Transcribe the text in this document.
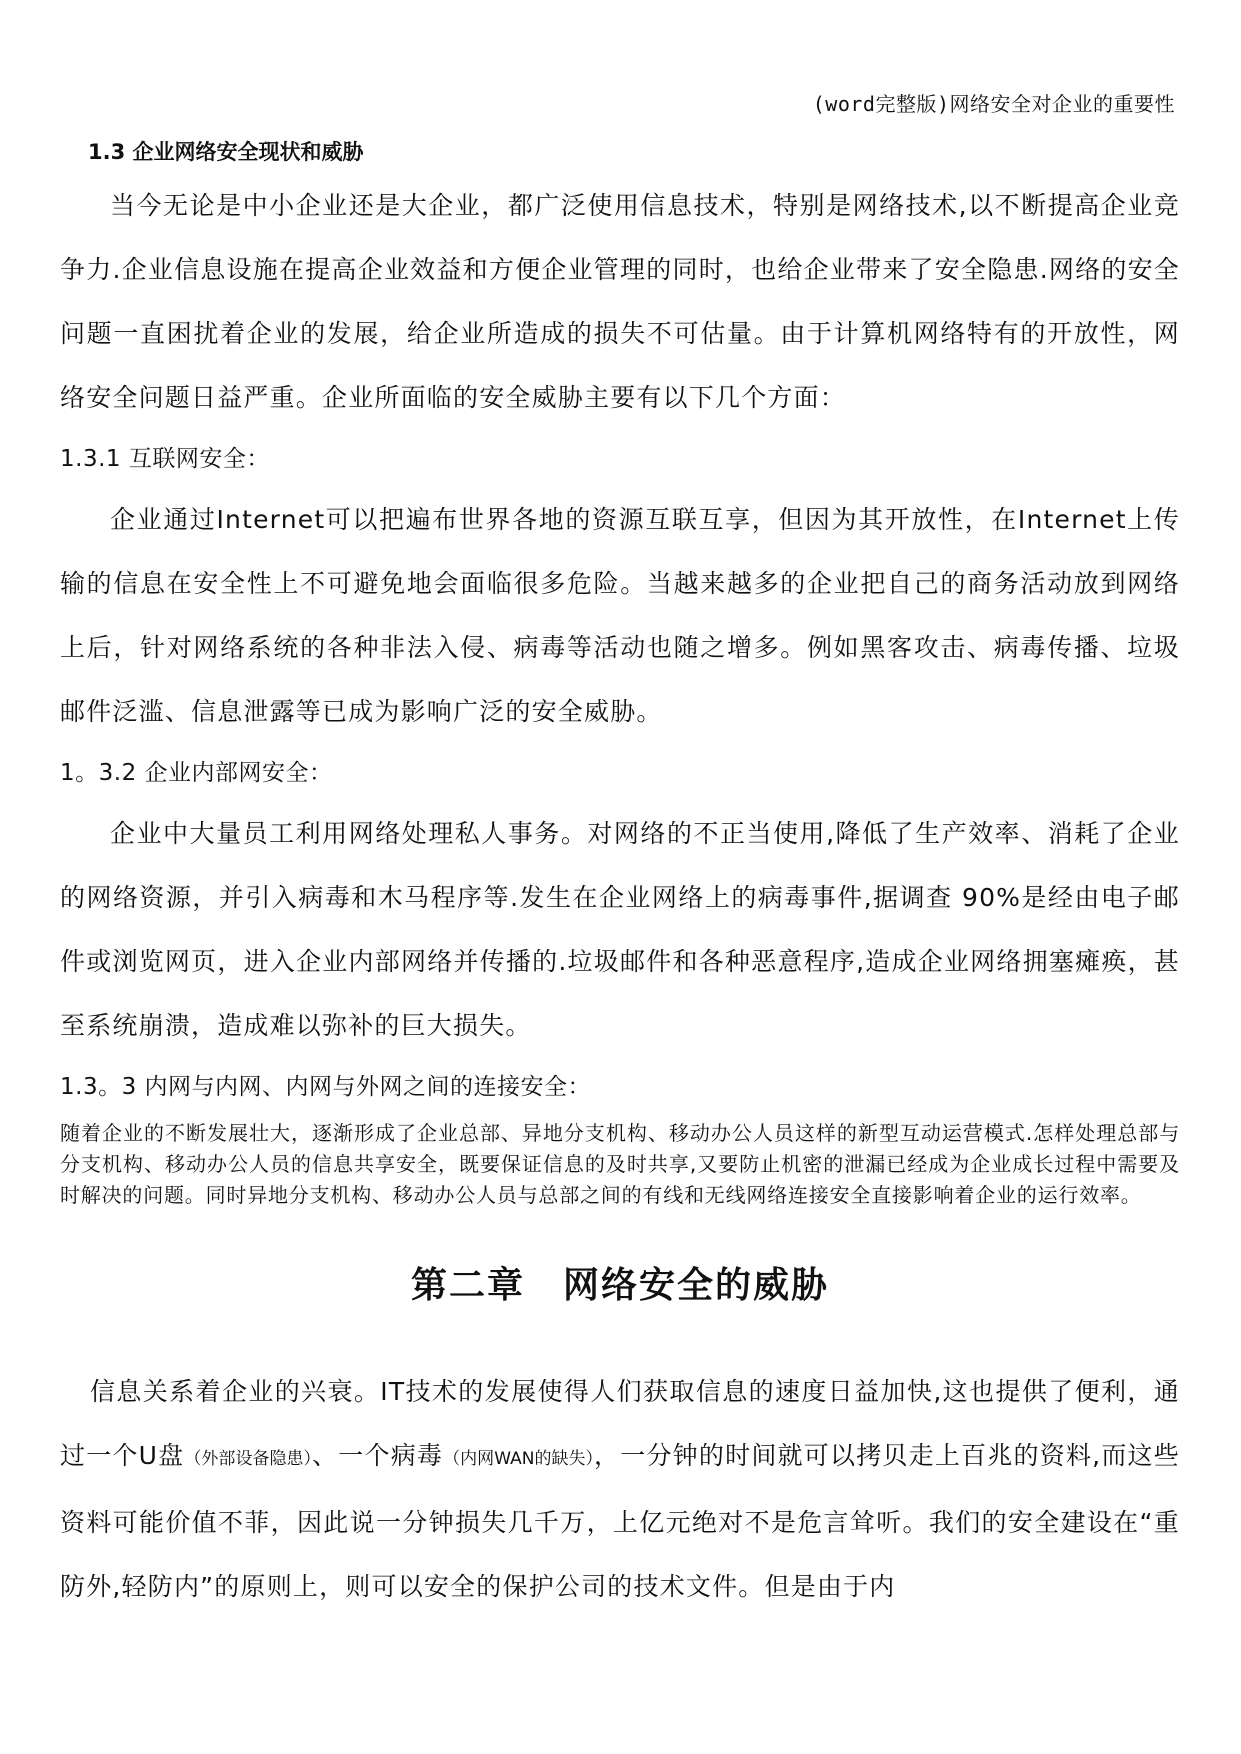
(word完整版)网络安全对企业的重要性
1.3 企业网络安全现状和威胁

当今无论是中小企业还是大企业，都广泛使用信息技术，特别是网络技术,以不断提高企业竞争力.企业信息设施在提高企业效益和方便企业管理的同时，也给企业带来了安全隐患.网络的安全问题一直困扰着企业的发展，给企业所造成的损失不可估量。由于计算机网络特有的开放性，网络安全问题日益严重。企业所面临的安全威胁主要有以下几个方面：

1.3.1 互联网安全：

企业通过Internet可以把遍布世界各地的资源互联互享，但因为其开放性，在Internet上传输的信息在安全性上不可避免地会面临很多危险。当越来越多的企业把自己的商务活动放到网络上后，针对网络系统的各种非法入侵、病毒等活动也随之增多。例如黑客攻击、病毒传播、垃圾邮件泛滥、信息泄露等已成为影响广泛的安全威胁。

1。3.2 企业内部网安全：

企业中大量员工利用网络处理私人事务。对网络的不正当使用,降低了生产效率、消耗了企业的网络资源，并引入病毒和木马程序等.发生在企业网络上的病毒事件,据调查 90%是经由电子邮件或浏览网页，进入企业内部网络并传播的.垃圾邮件和各种恶意程序,造成企业网络拥塞瘫痪，甚至系统崩溃，造成难以弥补的巨大损失。

1.3。3 内网与内网、内网与外网之间的连接安全：

随着企业的不断发展壮大，逐渐形成了企业总部、异地分支机构、移动办公人员这样的新型互动运营模式.怎样处理总部与分支机构、移动办公人员的信息共享安全，既要保证信息的及时共享,又要防止机密的泄漏已经成为企业成长过程中需要及时解决的问题。同时异地分支机构、移动办公人员与总部之间的有线和无线网络连接安全直接影响着企业的运行效率。

第二章 网络安全的威胁

信息关系着企业的兴衰。IT技术的发展使得人们获取信息的速度日益加快,这也提供了便利，通过一个U盘（外部设备隐患）、一个病毒（内网WAN的缺失），一分钟的时间就可以拷贝走上百兆的资料,而这些资料可能价值不菲，因此说一分钟损失几千万，上亿元绝对不是危言耸听。我们的安全建设在“重防外,轻防内”的原则上，则可以安全的保护公司的技术文件。但是由于内
